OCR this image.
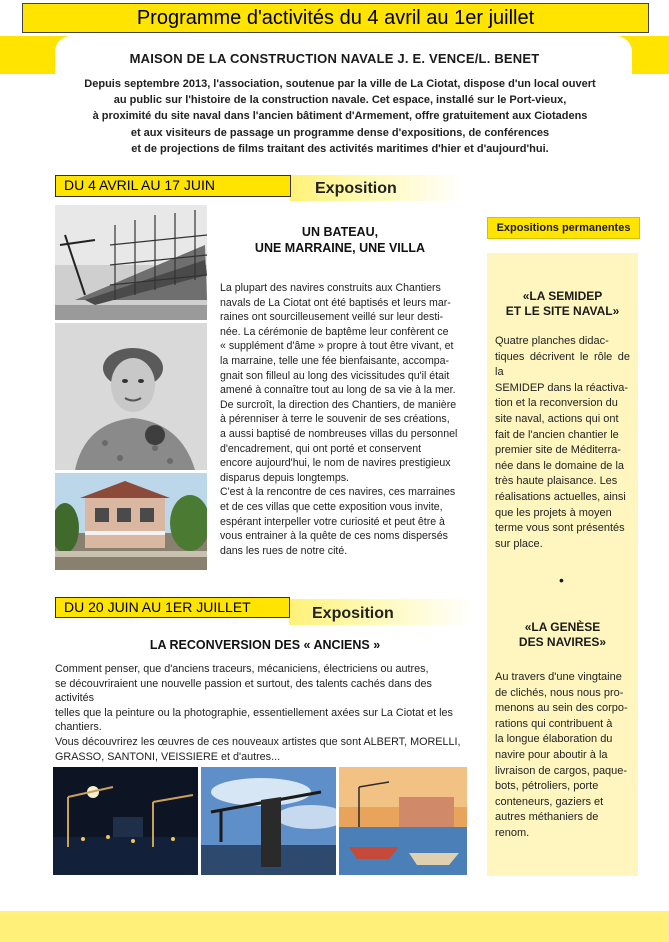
Programme d'activités du 4 avril au 1er juillet
MAISON DE LA CONSTRUCTION NAVALE J. E. VENCE/L. BENET
Depuis septembre 2013, l'association, soutenue par la ville de La Ciotat, dispose d'un local ouvert
au public sur l'histoire de la construction navale. Cet espace, installé sur le Port-vieux,
à proximité du site naval dans l'ancien bâtiment d'Armement, offre gratuitement aux Ciotadens
et aux visiteurs de passage un programme dense d'expositions, de conférences
et de projections de films traitant des activités maritimes d'hier et d'aujourd'hui.
DU 4 AVRIL AU 17 JUIN	Exposition
UN BATEAU,
UNE MARRAINE, UNE VILLA
La plupart des navires construits aux Chantiers
navals de La Ciotat ont été baptisés et leurs mar-
raines ont sourcilleusement veillé sur leur desti-
née. La cérémonie de baptême leur confèrent ce
« supplément d'âme » propre à tout être vivant, et
la marraine, telle une fée bienfaisante, accompa-
gnait son filleul au long des vicissitudes qu'il était
amené à connaître tout au long de sa vie à la mer.
De surcroît, la direction des Chantiers, de manière
à pérenniser à terre le souvenir de ses créations,
a aussi baptisé de nombreuses villas du personnel
d'encadrement, qui ont porté et conservent
encore aujourd'hui, le nom de navires prestigieux
disparus depuis longtemps.
C'est à la rencontre de ces navires, ces marraines
et de ces villas que cette exposition vous invite,
espérant interpeller votre curiosité et peut être à
vous entrainer à la quête de ces noms dispersés
dans les rues de notre cité.
DU 20 JUIN AU 1ER JUILLET	Exposition
LA RECONVERSION DES « ANCIENS »
Comment penser, que d'anciens traceurs, mécaniciens, électriciens ou autres,
se découvriraient une nouvelle passion et surtout, des talents cachés dans des activités
telles que la peinture ou la photographie, essentiellement axées sur La Ciotat et les
chantiers.
Vous découvrirez les œuvres de ces nouveaux artistes que sont ALBERT, MORELLI,
GRASSO, SANTONI, VEISSIERE et d'autres...
Expositions permanentes
«LA SEMIDEP
ET LE SITE NAVAL»
Quatre planches didac-
tiques décrivent le rôle de la
SEMIDEP dans la réactiva-
tion et la reconversion du
site naval, actions qui ont
fait de l'ancien chantier le
premier site de Méditerra-
née dans le domaine de la
très haute plaisance. Les
réalisations actuelles, ainsi
que les projets à moyen
terme vous sont présentés
sur place.
•
«LA GENÈSE
DES NAVIRES»
Au travers d'une vingtaine
de clichés, nous nous pro-
menons au sein des corpo-
rations qui contribuent à
la longue élaboration du
navire pour aboutir à la
livraison de cargos, paque-
bots, pétroliers, porte
conteneurs, gaziers et
autres méthaniers de
renom.
